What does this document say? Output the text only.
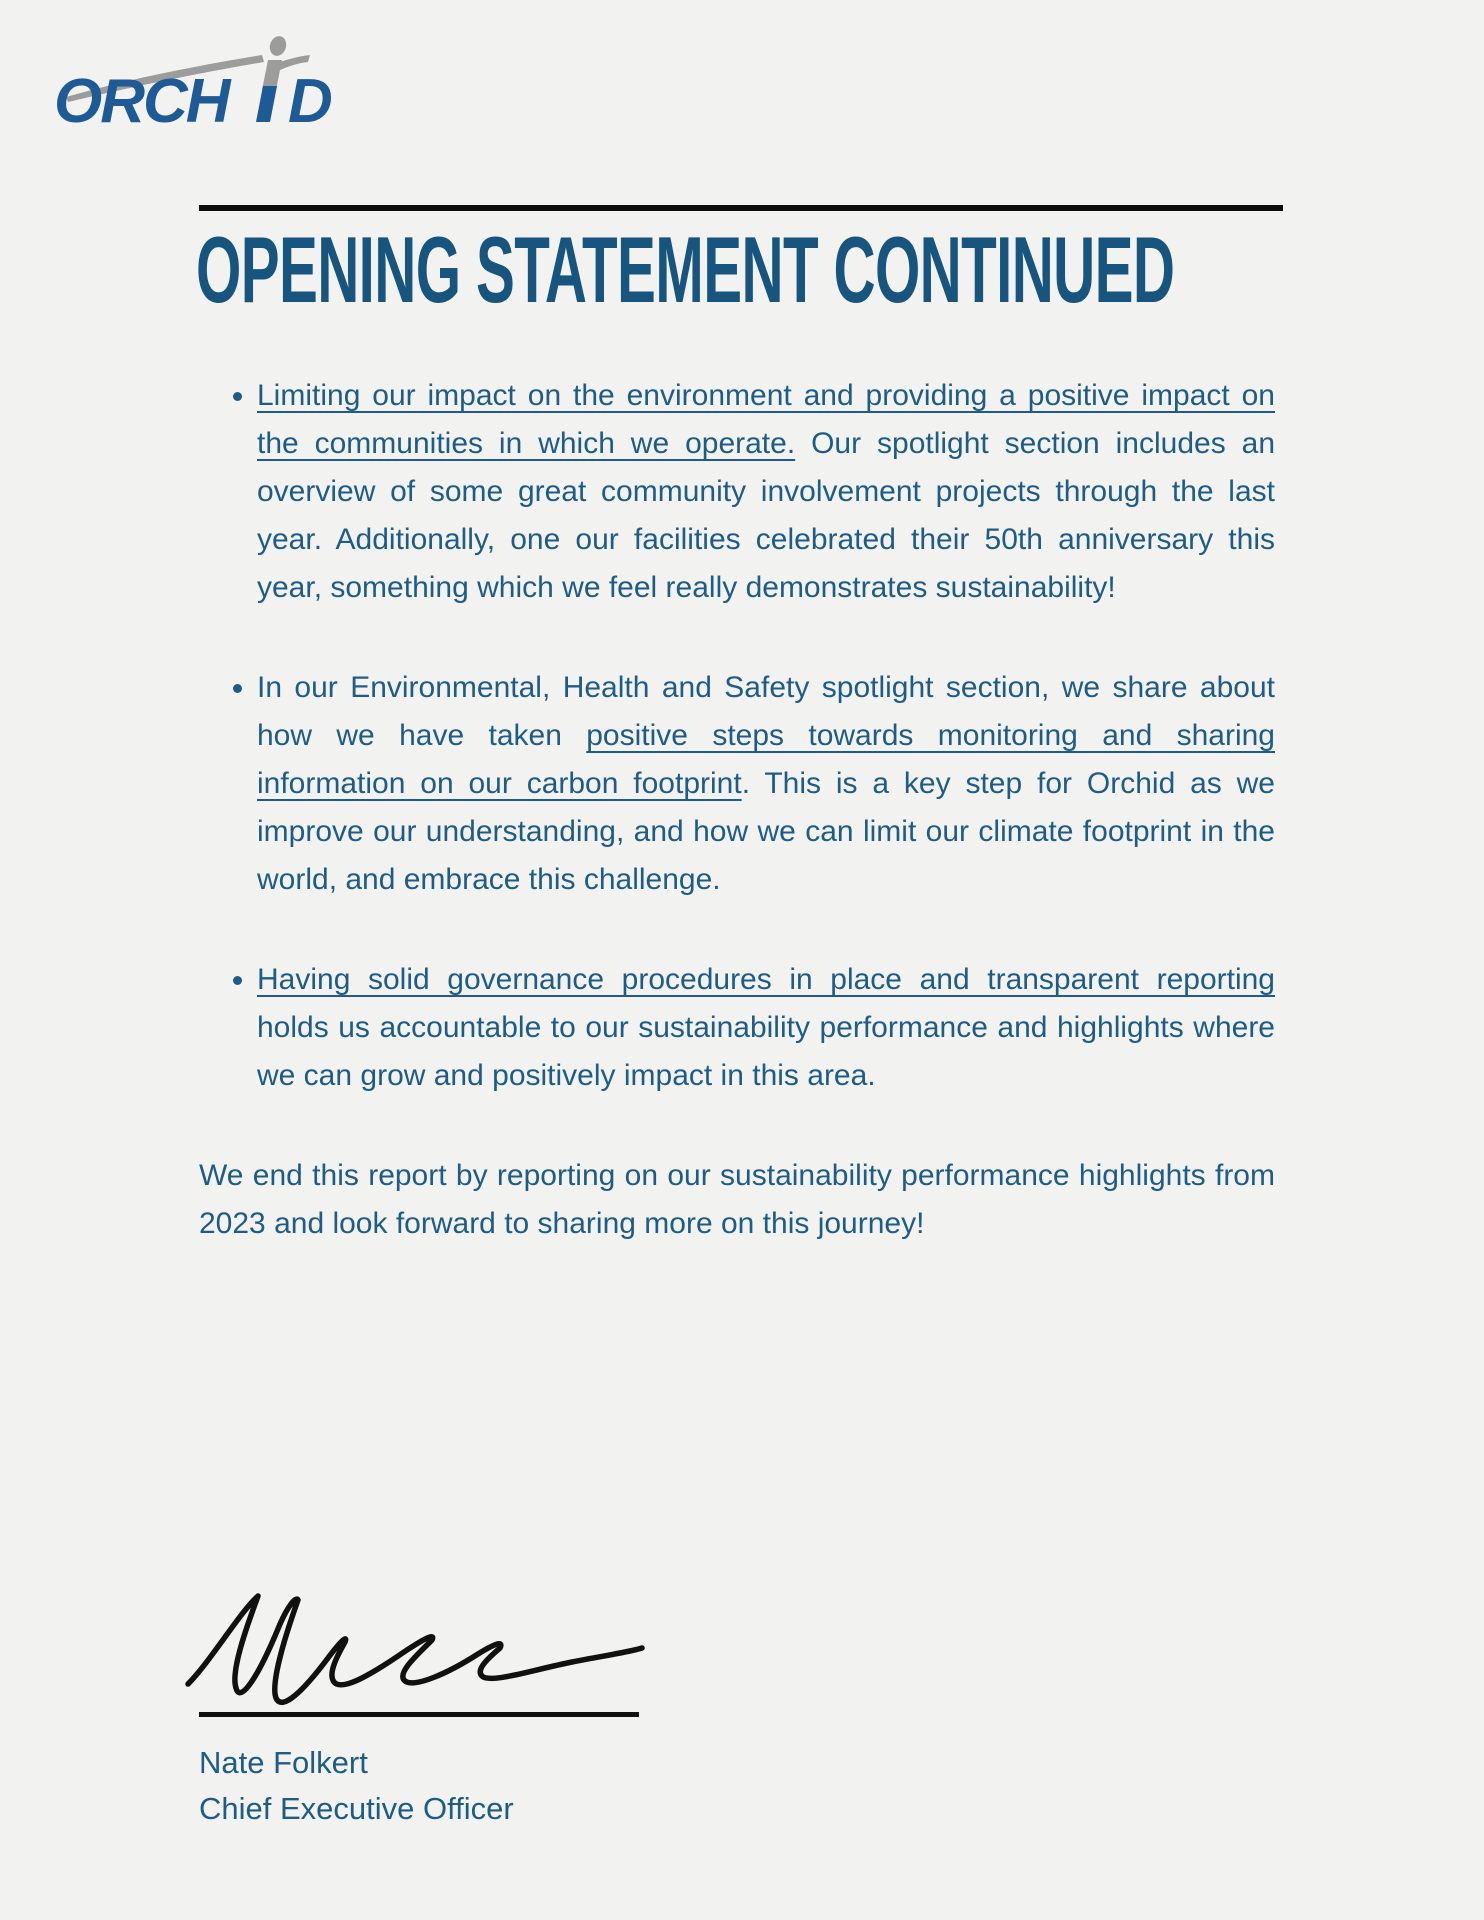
ORCH D
OPENING STATEMENT CONTINUED

Limiting our impact on the environment and providing a positive impact on the communities in which we operate. Our spotlight section includes an overview of some great community involvement projects through the last year. Additionally, one our facilities celebrated their 50th anniversary this year, something which we feel really demonstrates sustainability!

In our Environmental, Health and Safety spotlight section, we share about how we have taken positive steps towards monitoring and sharing information on our carbon footprint. This is a key step for Orchid as we improve our understanding, and how we can limit our climate footprint in the world, and embrace this challenge.

Having solid governance procedures in place and transparent reporting holds us accountable to our sustainability performance and highlights where we can grow and positively impact in this area.

We end this report by reporting on our sustainability performance highlights from 2023 and look forward to sharing more on this journey!

Nate Folkert
Chief Executive Officer
